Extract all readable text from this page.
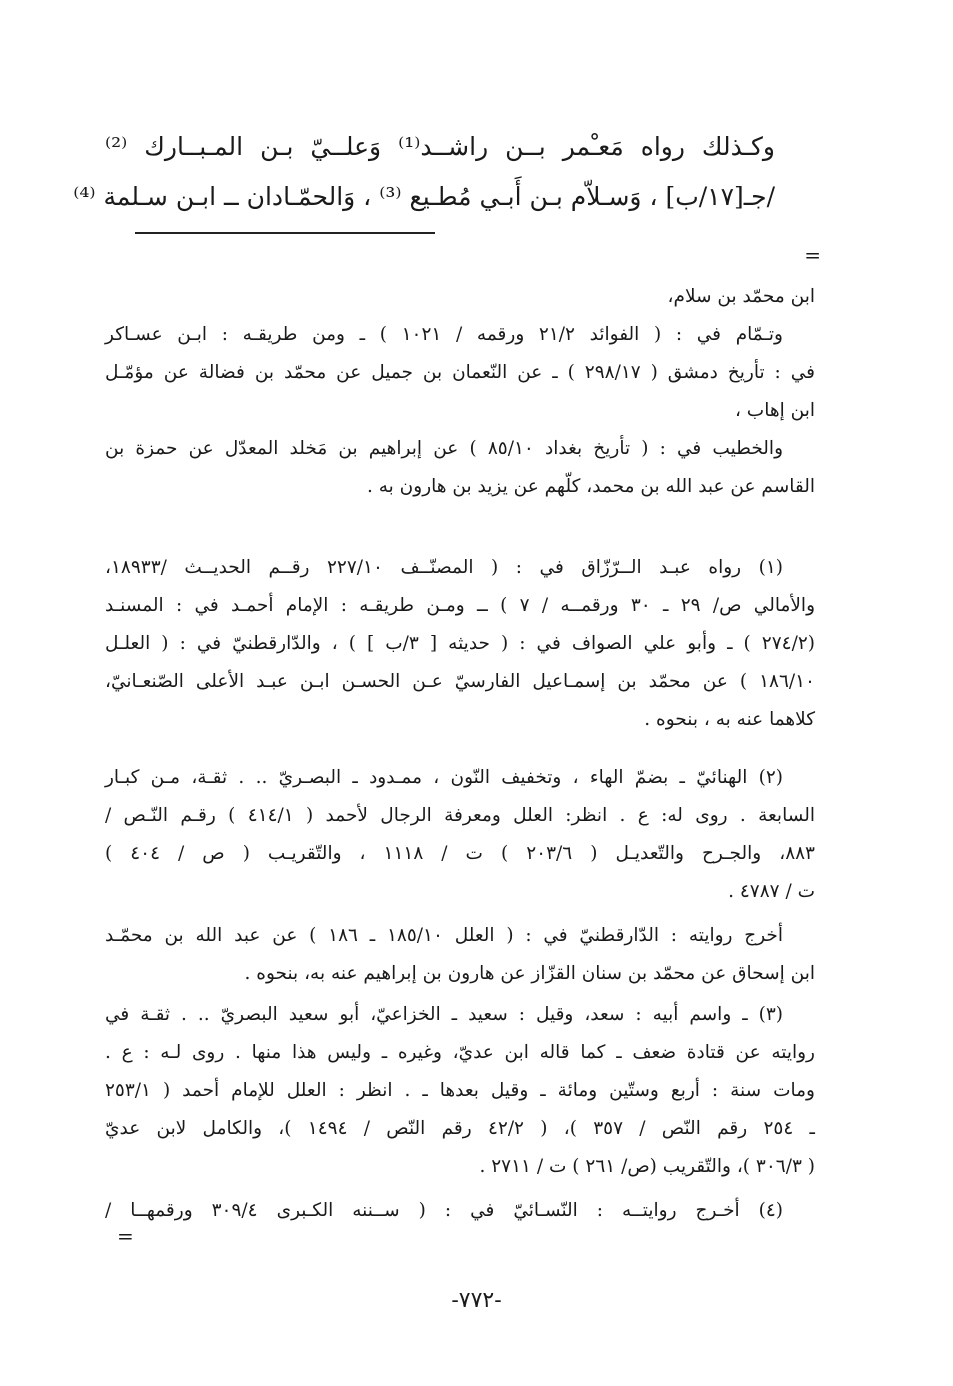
وكـذلك رواه مَعـْمر بــن راشــد⁽¹⁾ وَعلــيّ بـن المـبــارك ⁽²⁾
/جـ[١٧/ب] ، وَسـلاّم بـن أَبـي مُطـيع ⁽³⁾ ، وَالحمّـادان ــ ابـن سـلمة ⁽⁴⁾
=
ابن محمّد بن سلام،
وتـمّام في : ( الفوائد ٢١/٢ ورقمه / ١٠٢١ ) ـ ومن طريقـه : ابـن عسـاكر
في : تأريخ دمشق ( ٢٩٨/١٧ ) ـ عن النّعمان بن جميل عن محمّد بن فضالة عن مؤمّـل
ابن إهاب ،
والخطيب في : ( تأريخ بغداد ٨٥/١٠ ) عن إبراهيم بن مَخلد المعدّل عن حمزة بن
القاسم عن عبد الله بن محمد، كلّهم عن يزيد بن هارون به .
(١) رواه عبـد الــرّزّاق في : ( المصنّــف ٢٢٧/١٠ رقــم الحديــث /١٨٩٣٣،
والأمالي ص/ ٢٩ ـ ٣٠ ورقمــه / ٧ ) ــ ومـن طريقـه : الإمام أحمـد في : المسنـد
(٢٧٤/٢ ) ـ وأبو علي الصواف في : ( حديثه [ ٣/ب ] ) ، والدّارقطنيّ في : ( العلـل
١٨٦/١٠ ) عن محمّد بن إسمـاعيل الفارسيّ عـن الحسـن ابـن عبـد الأعلى الصّنعـانيّ،
كلاهما عنه به ، بنحوه .
(٢) الهنائيّ ـ بضمّ الهاء ، وتخفيف النّون ، ممـدود ـ البصـريّ .. . ثقـة، مـن كبـار
السابعة . روى له: ع . انظر: العلل ومعرفة الرجال لأحمد ( ٤١٤/١ ) رقـم النّـص /
٨٨٣، والجـرح والتّعديـل ( ٢٠٣/٦ ) ت / ١١١٨ ، والتّقريـب ( ص / ٤٠٤ )
ت / ٤٧٨٧ .
أخرج روايته : الدّارقطنيّ في : ( العلل ١٨٥/١٠ ـ ١٨٦ ) عن عبد الله بن محمّـد
ابن إسحاق عن محمّد بن سنان القزّاز عن هارون بن إبراهيم عنه به، بنحوه .
(٣) ـ واسم أبيه : سعد، وقيل : سعيد ـ الخزاعيّ، أبو سعيد البصريّ .. . ثقـة في
روايته عن قتادة ضعف ـ كما قاله ابن عديّ، وغيره ـ وليس هذا منها . روى لـه : ع .
ومات سنة : أربع وستّين ومائة ـ وقيل بعدها ـ . انظر : العلل للإمام أحمد ( ٢٥٣/١
ـ ٢٥٤ رقم النّص / ٣٥٧ )، ( ٤٢/٢ رقم النّص / ١٤٩٤ )، والكامل لابن عديّ
( ٣٠٦/٣ )، والتّقريب (ص/ ٢٦١ ) ت / ٢٧١١ .
(٤) أخـرج روايتــه : النّسـائيّ في : ( ســننه الكـبرى ٣٠٩/٤ ورقمهــا /
=
-٧٧٢-
